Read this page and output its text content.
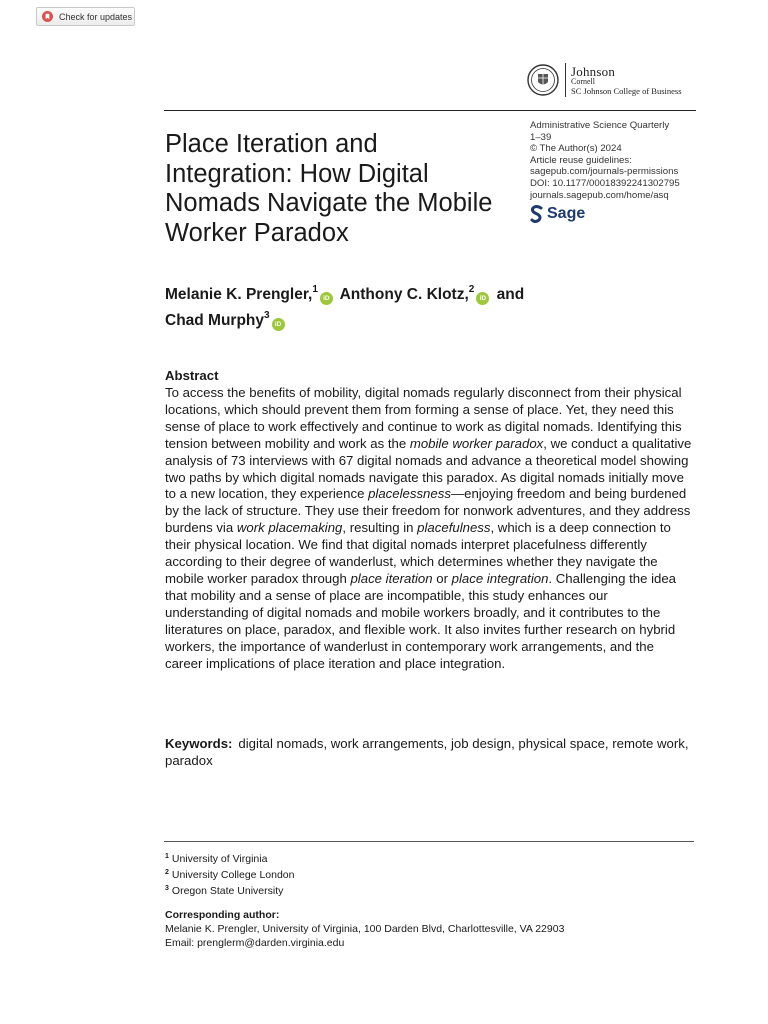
Check for updates
Johnson
Cornell
SC Johnson College of Business
Place Iteration and Integration: How Digital Nomads Navigate the Mobile Worker Paradox
Administrative Science Quarterly
1–39
© The Author(s) 2024
Article reuse guidelines:
sagepub.com/journals-permissions
DOI: 10.1177/00018392241302795
journals.sagepub.com/home/asq
Sage
Melanie K. Prengler,$^1$iD Anthony C. Klotz,$^2$iD and
Chad Murphy$^3$iD
Abstract

To access the benefits of mobility, digital nomads regularly disconnect from their physical locations, which should prevent them from forming a sense of place. Yet, they need this sense of place to work effectively and continue to work as digital nomads. Identifying this tension between mobility and work as the mobile worker paradox, we conduct a qualitative analysis of 73 interviews with 67 digital nomads and advance a theoretical model showing two paths by which digital nomads navigate this paradox. As digital nomads initially move to a new location, they experience placelessness—enjoying freedom and being burdened by the lack of structure. They use their freedom for nonwork adventures, and they address burdens via work placemaking, resulting in placefulness, which is a deep connection to their physical location. We find that digital nomads interpret placefulness differently according to their degree of wanderlust, which determines whether they navigate the mobile worker paradox through place iteration or place integration. Challenging the idea that mobility and a sense of place are incompatible, this study enhances our understanding of digital nomads and mobile workers broadly, and it contributes to the literatures on place, paradox, and flexible work. It also invites further research on hybrid workers, the importance of wanderlust in contemporary work arrangements, and the career implications of place iteration and place integration.

Keywords: digital nomads, work arrangements, job design, physical space, remote work, paradox
$^1$ University of Virginia
$^2$ University College London
$^3$ Oregon State University
Corresponding author:
Melanie K. Prengler, University of Virginia, 100 Darden Blvd, Charlottesville, VA 22903
Email: prenglerm@darden.virginia.edu
